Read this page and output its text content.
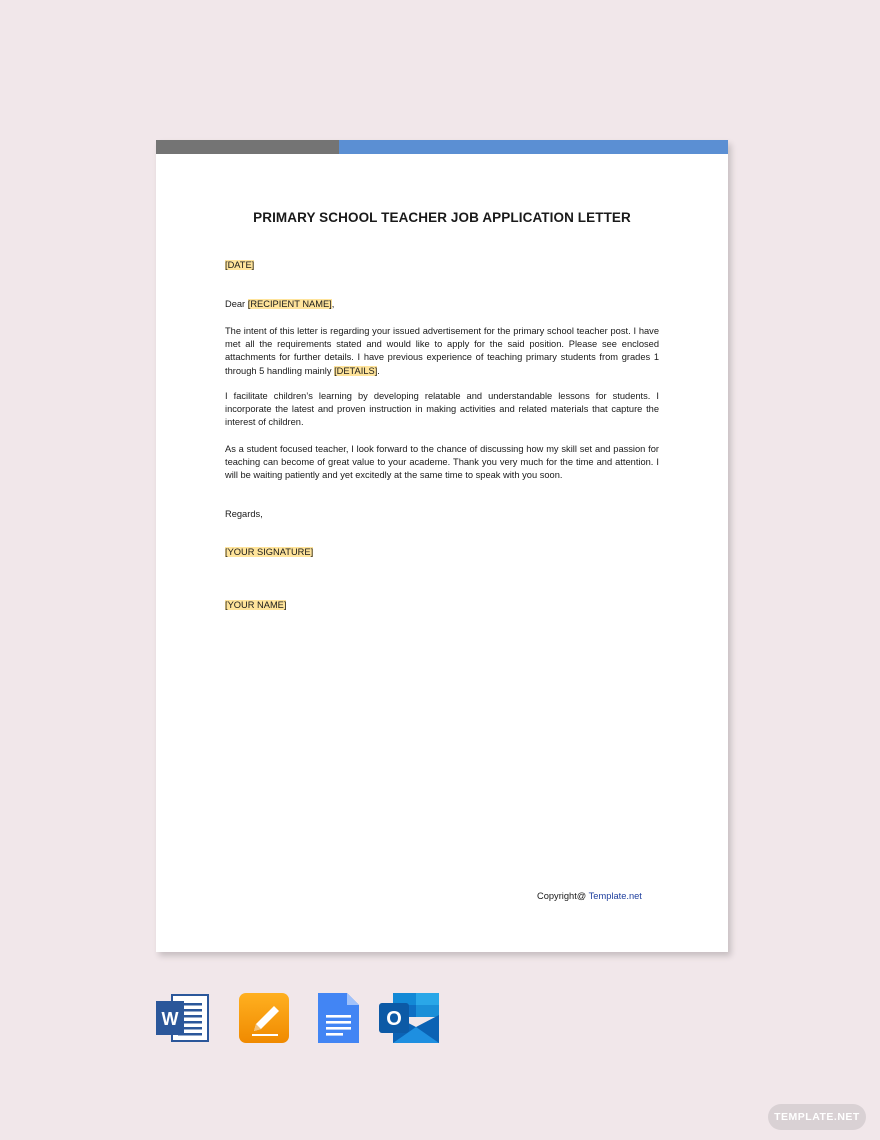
PRIMARY SCHOOL TEACHER JOB APPLICATION LETTER
[DATE]
Dear [RECIPIENT NAME],
The intent of this letter is regarding your issued advertisement for the primary school teacher post. I have met all the requirements stated and would like to apply for the said position. Please see enclosed attachments for further details. I have previous experience of teaching primary students from grades 1 through 5 handling mainly [DETAILS].
I facilitate children’s learning by developing relatable and understandable lessons for students. I incorporate the latest and proven instruction in making activities and related materials that capture the interest of children.
As a student focused teacher, I look forward to the chance of discussing how my skill set and passion for teaching can become of great value to your academe. Thank you very much for the time and attention. I will be waiting patiently and yet excitedly at the same time to speak with you soon.
Regards,
[YOUR SIGNATURE]
[YOUR NAME]
Copyright@ Template.net
W	O
TEMPLATE.NET
